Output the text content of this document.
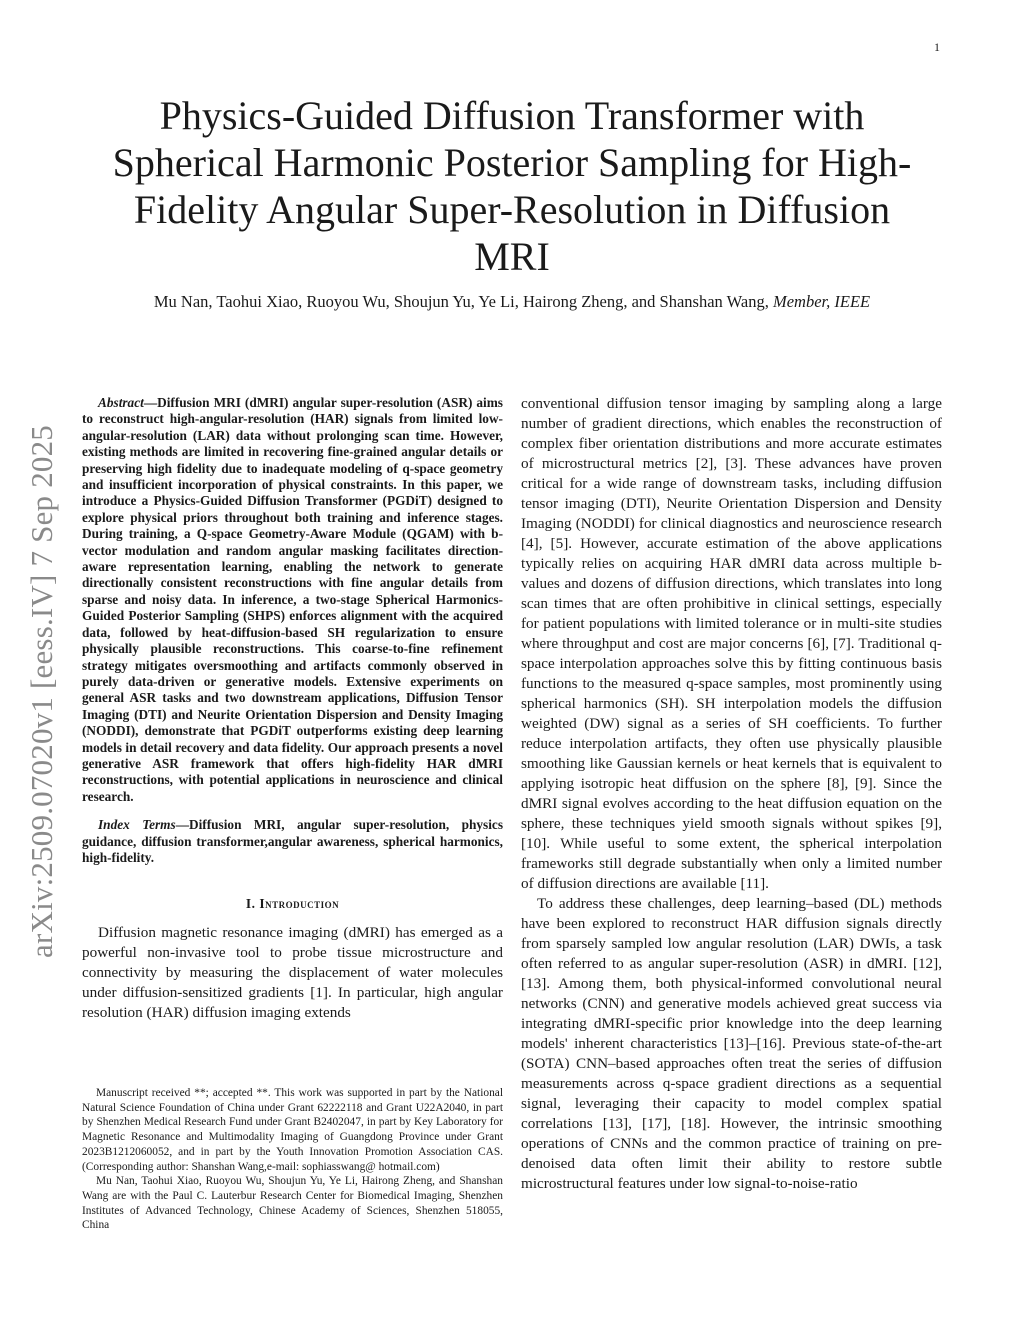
1
arXiv:2509.07020v1 [eess.IV] 7 Sep 2025
Physics-Guided Diffusion Transformer with Spherical Harmonic Posterior Sampling for High-Fidelity Angular Super-Resolution in Diffusion MRI
Mu Nan, Taohui Xiao, Ruoyou Wu, Shoujun Yu, Ye Li, Hairong Zheng, and Shanshan Wang, Member, IEEE

Abstract—Diffusion MRI (dMRI) angular super-resolution (ASR) aims to reconstruct high-angular-resolution (HAR) signals from limited low-angular-resolution (LAR) data without prolonging scan time. However, existing methods are limited in recovering fine-grained angular details or preserving high fidelity due to inadequate modeling of q-space geometry and insufficient incorporation of physical constraints. In this paper, we introduce a Physics-Guided Diffusion Transformer (PGDiT) designed to explore physical priors throughout both training and inference stages. During training, a Q-space Geometry-Aware Module (QGAM) with b-vector modulation and random angular masking facilitates direction-aware representation learning, enabling the network to generate directionally consistent reconstructions with fine angular details from sparse and noisy data. In inference, a two-stage Spherical Harmonics-Guided Posterior Sampling (SHPS) enforces alignment with the acquired data, followed by heat-diffusion-based SH regularization to ensure physically plausible reconstructions. This coarse-to-fine refinement strategy mitigates oversmoothing and artifacts commonly observed in purely data-driven or generative models. Extensive experiments on general ASR tasks and two downstream applications, Diffusion Tensor Imaging (DTI) and Neurite Orientation Dispersion and Density Imaging (NODDI), demonstrate that PGDiT outperforms existing deep learning models in detail recovery and data fidelity. Our approach presents a novel generative ASR framework that offers high-fidelity HAR dMRI reconstructions, with potential applications in neuroscience and clinical research.

Index Terms—Diffusion MRI, angular super-resolution, physics guidance, diffusion transformer,angular awareness, spherical harmonics, high-fidelity.

I. Introduction

Diffusion magnetic resonance imaging (dMRI) has emerged as a powerful non-invasive tool to probe tissue microstructure and connectivity by measuring the displacement of water molecules under diffusion-sensitized gradients [1]. In particular, high angular resolution (HAR) diffusion imaging extends

conventional diffusion tensor imaging by sampling along a large number of gradient directions, which enables the reconstruction of complex fiber orientation distributions and more accurate estimates of microstructural metrics [2], [3]. These advances have proven critical for a wide range of downstream tasks, including diffusion tensor imaging (DTI), Neurite Orientation Dispersion and Density Imaging (NODDI) for clinical diagnostics and neuroscience research [4], [5]. However, accurate estimation of the above applications typically relies on acquiring HAR dMRI data across multiple b-values and dozens of diffusion directions, which translates into long scan times that are often prohibitive in clinical settings, especially for patient populations with limited tolerance or in multi-site studies where throughput and cost are major concerns [6], [7]. Traditional q-space interpolation approaches solve this by fitting continuous basis functions to the measured q-space samples, most prominently using spherical harmonics (SH). SH interpolation models the diffusion weighted (DW) signal as a series of SH coefficients. To further reduce interpolation artifacts, they often use physically plausible smoothing like Gaussian kernels or heat kernels that is equivalent to applying isotropic heat diffusion on the sphere [8], [9]. Since the dMRI signal evolves according to the heat diffusion equation on the sphere, these techniques yield smooth signals without spikes [9], [10]. While useful to some extent, the spherical interpolation frameworks still degrade substantially when only a limited number of diffusion directions are available [11].

To address these challenges, deep learning–based (DL) methods have been explored to reconstruct HAR diffusion signals directly from sparsely sampled low angular resolution (LAR) DWIs, a task often referred to as angular super-resolution (ASR) in dMRI. [12], [13]. Among them, both physical-informed convolutional neural networks (CNN) and generative models achieved great success via integrating dMRI-specific prior knowledge into the deep learning models' inherent characteristics [13]–[16]. Previous state-of-the-art (SOTA) CNN–based approaches often treat the series of diffusion measurements across q-space gradient directions as a sequential signal, leveraging their capacity to model complex spatial correlations [13], [17], [18]. However, the intrinsic smoothing operations of CNNs and the common practice of training on pre-denoised data often limit their ability to restore subtle microstructural features under low signal-to-noise-ratio

Manuscript received **; accepted **. This work was supported in part by the National Natural Science Foundation of China under Grant 62222118 and Grant U22A2040, in part by Shenzhen Medical Research Fund under Grant B2402047, in part by Key Laboratory for Magnetic Resonance and Multimodality Imaging of Guangdong Province under Grant 2023B1212060052, and in part by the Youth Innovation Promotion Association CAS. (Corresponding author: Shanshan Wang,e-mail: sophiasswang@ hotmail.com)

Mu Nan, Taohui Xiao, Ruoyou Wu, Shoujun Yu, Ye Li, Hairong Zheng, and Shanshan Wang are with the Paul C. Lauterbur Research Center for Biomedical Imaging, Shenzhen Institutes of Advanced Technology, Chinese Academy of Sciences, Shenzhen 518055, China
